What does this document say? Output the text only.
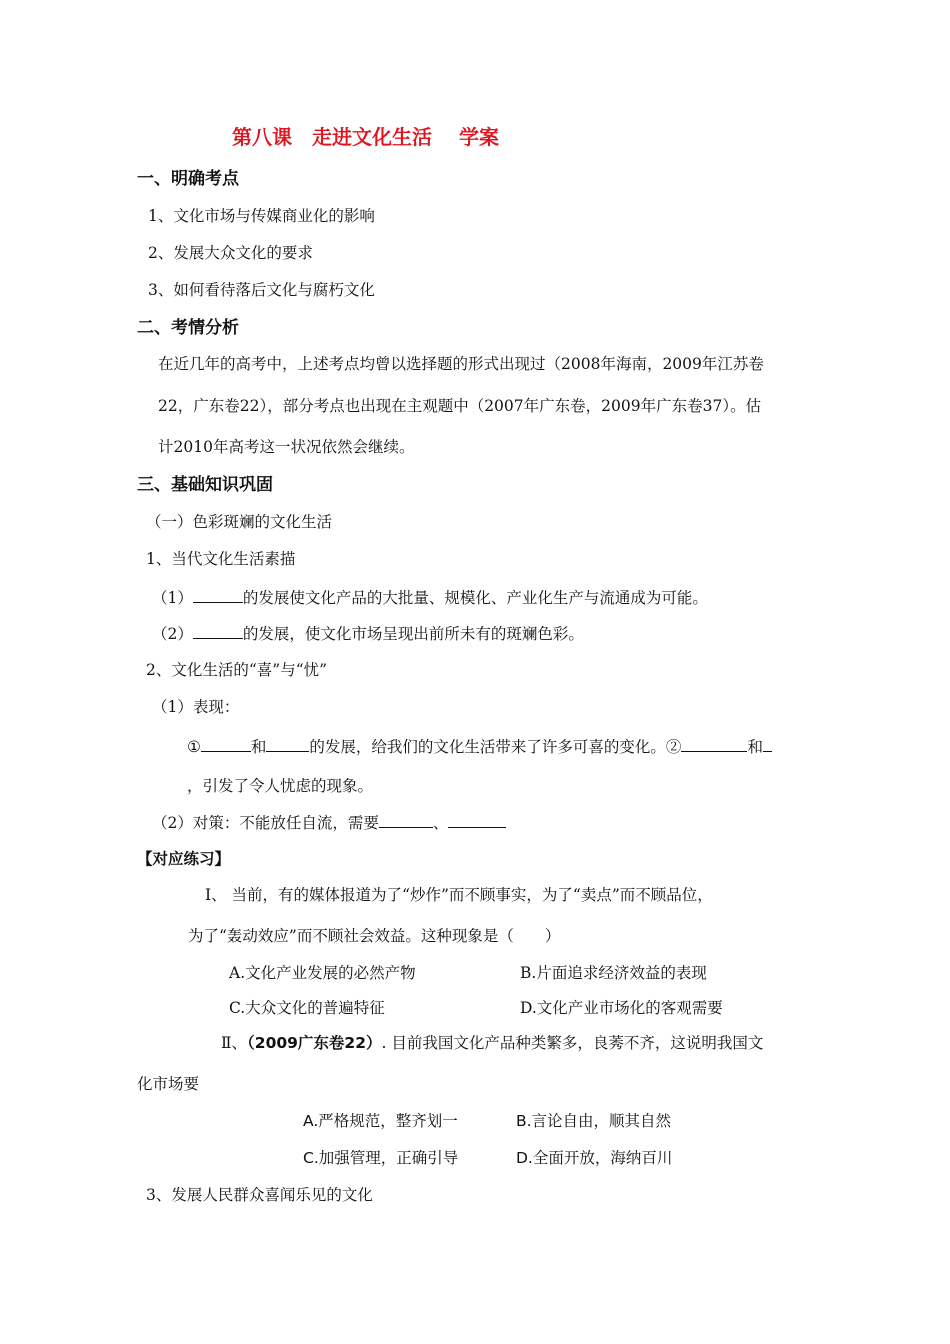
第八课　走进文化生活　 学案
一、明确考点
1、文化市场与传媒商业化的影响
2、发展大众文化的要求
3、如何看待落后文化与腐朽文化
二、考情分析
在近几年的高考中，上述考点均曾以选择题的形式出现过（2008年海南，2009年江苏卷
22，广东卷22），部分考点也出现在主观题中（2007年广东卷，2009年广东卷37）。估
计2010年高考这一状况依然会继续。
三、基础知识巩固
（一）色彩斑斓的文化生活
1、当代文化生活素描
（1）	的发展使文化产品的大批量、规模化、产业化生产与流通成为可能。
（2）	的发展，使文化市场呈现出前所未有的斑斓色彩。
2、文化生活的“喜”与“忧”
（1）表现：
①	和	的发展，给我们的文化生活带来了许多可喜的变化。②	和
，引发了令人忧虑的现象。
（2）对策：不能放任自流，需要	、
【对应练习】
Ⅰ、 当前，有的媒体报道为了“炒作”而不顾事实，为了“卖点”而不顾品位，
为了“轰动效应”而不顾社会效益。这种现象是（　　）
A.文化产业发展的必然产物	B.片面追求经济效益的表现
C.大众文化的普遍特征	D.文化产业市场化的客观需要
Ⅱ、（2009广东卷22）. 目前我国文化产品种类繁多，良莠不齐，这说明我国文
化市场要
A.严格规范，整齐划一	B.言论自由，顺其自然
C.加强管理，正确引导	D.全面开放，海纳百川
3、发展人民群众喜闻乐见的文化
